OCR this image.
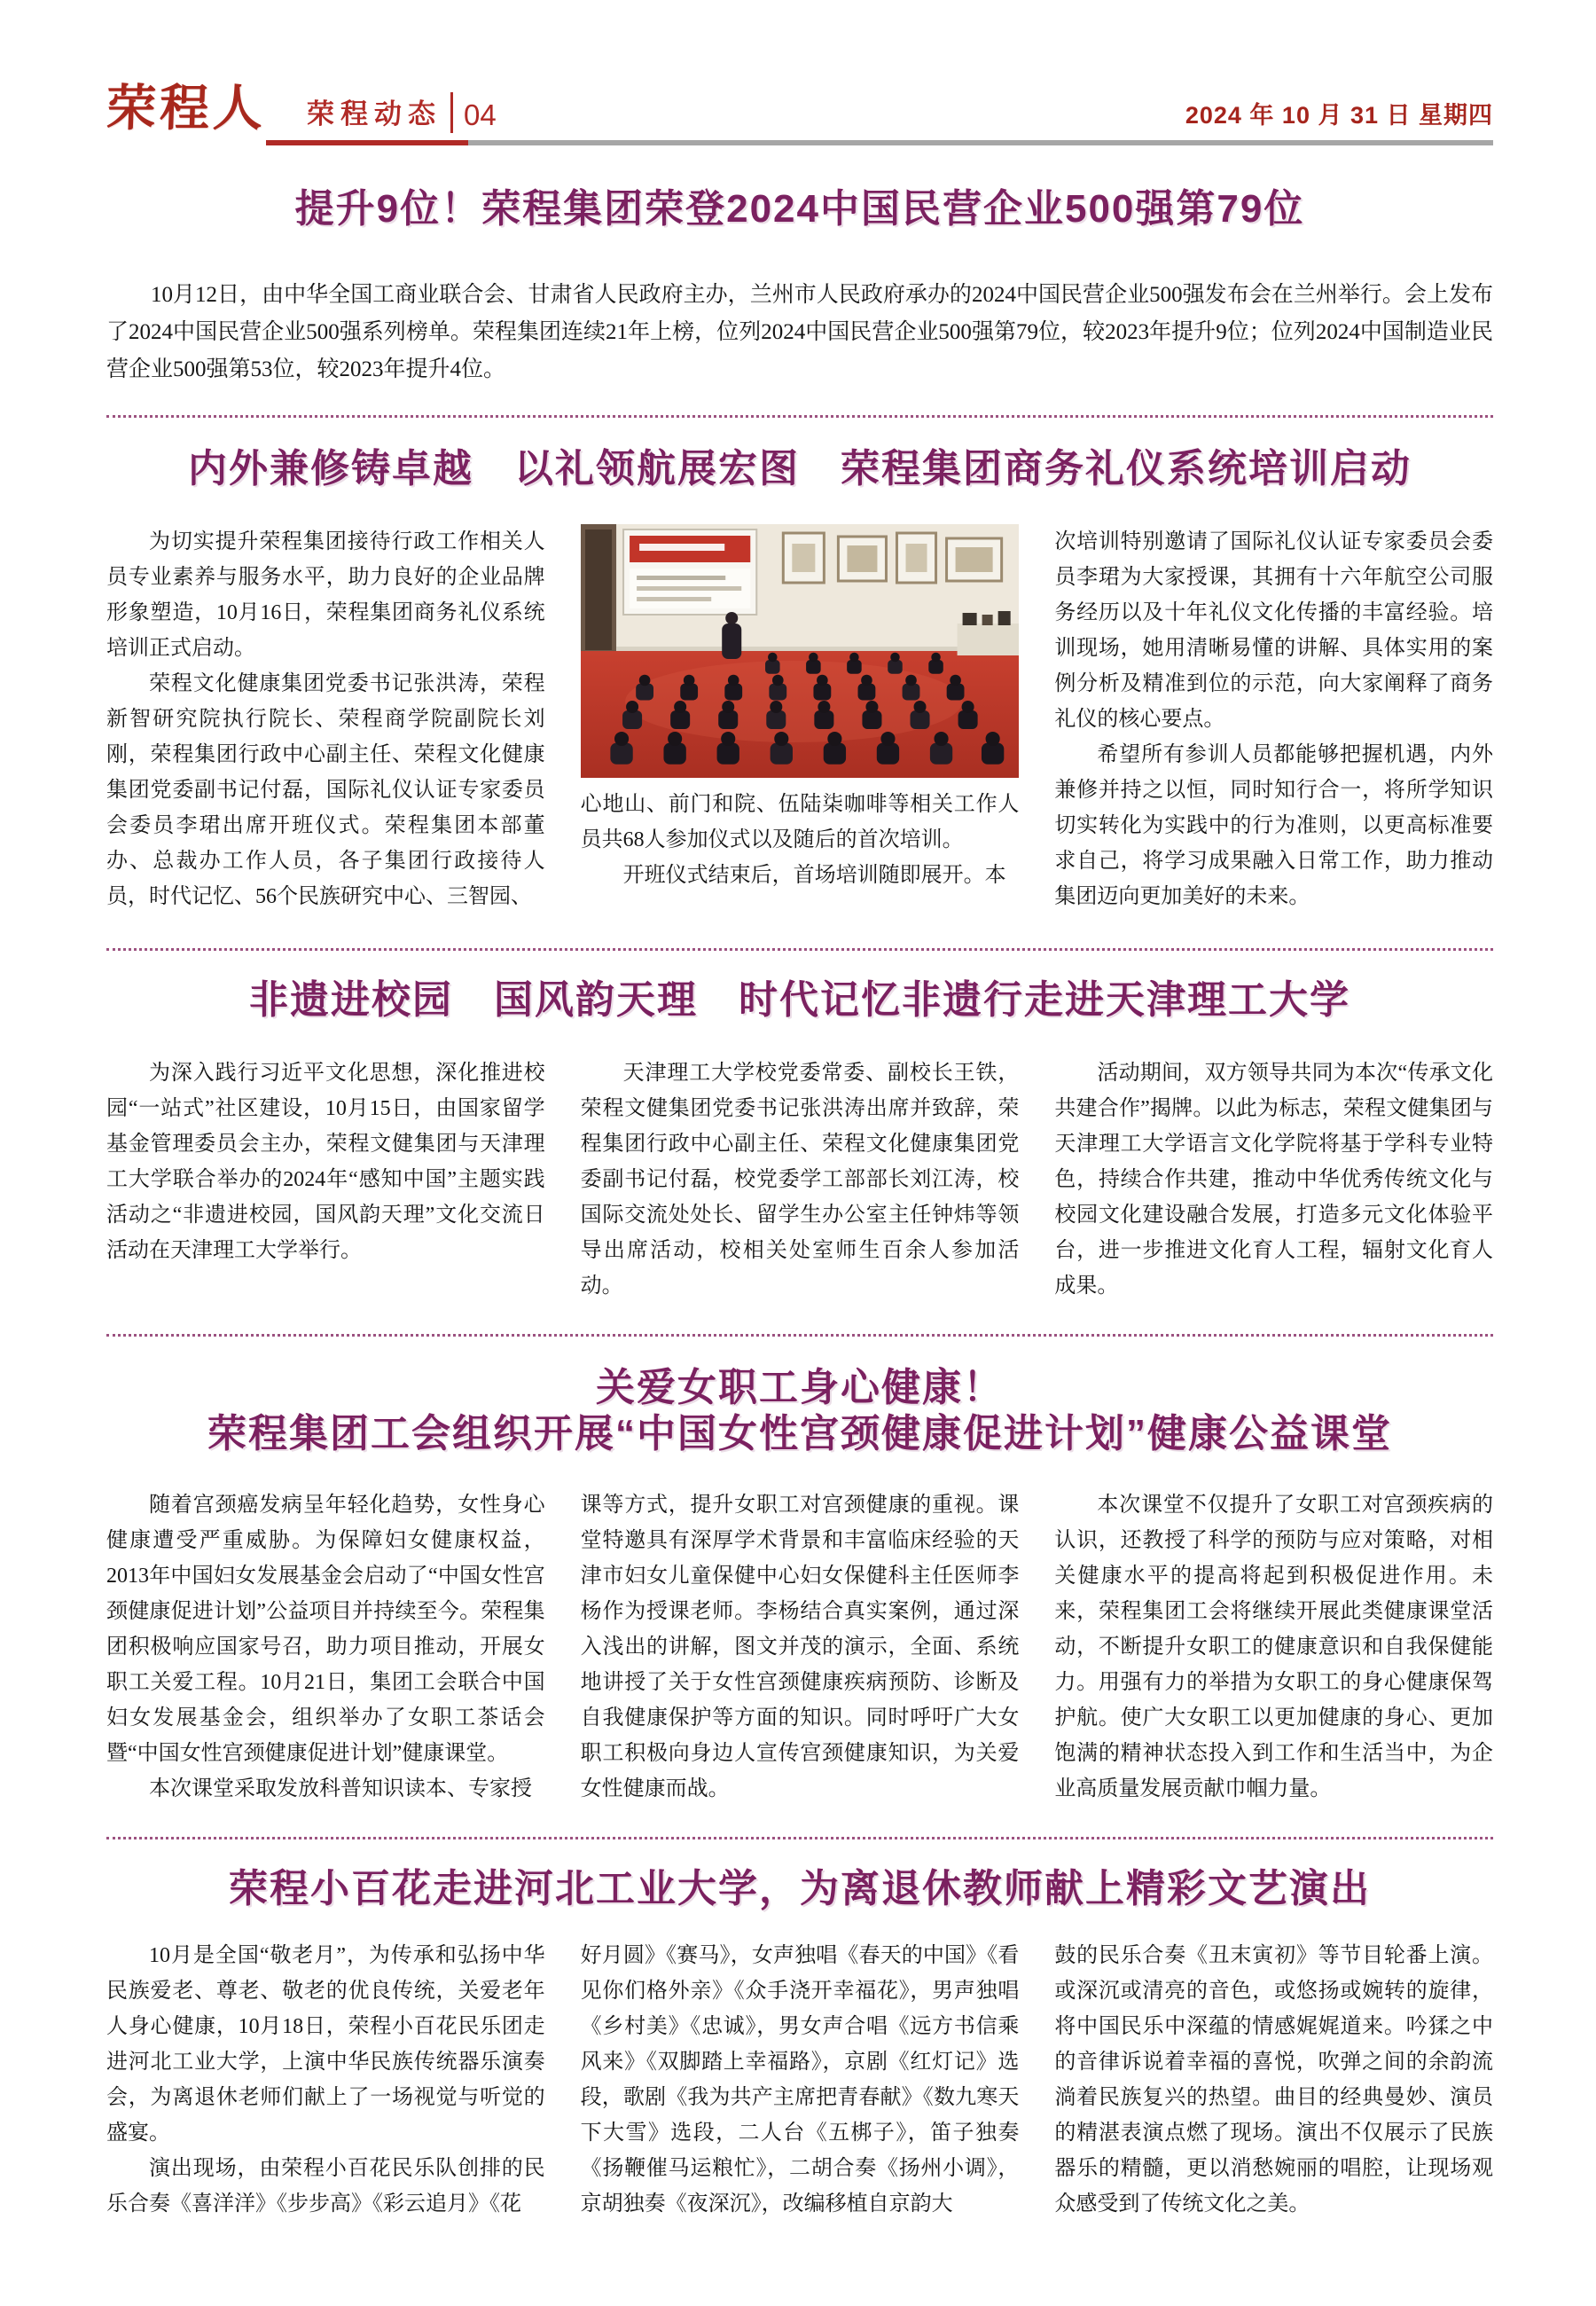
荣程人 荣程动态 04	2024 年 10 月 31 日 星期四
提升9位！荣程集团荣登2024中国民营企业500强第79位

10月12日，由中华全国工商业联合会、甘肃省人民政府主办，兰州市人民政府承办的2024中国民营企业500强发布会在兰州举行。会上发布了2024中国民营企业500强系列榜单。荣程集团连续21年上榜，位列2024中国民营企业500强第79位，较2023年提升9位；位列2024中国制造业民营企业500强第53位，较2023年提升4位。

内外兼修铸卓越　以礼领航展宏图　荣程集团商务礼仪系统培训启动

为切实提升荣程集团接待行政工作相关人员专业素养与服务水平，助力良好的企业品牌形象塑造，10月16日，荣程集团商务礼仪系统培训正式启动。

荣程文化健康集团党委书记张洪涛，荣程新智研究院执行院长、荣程商学院副院长刘刚，荣程集团行政中心副主任、荣程文化健康集团党委副书记付磊，国际礼仪认证专家委员会委员李珺出席开班仪式。荣程集团本部董办、总裁办工作人员，各子集团行政接待人员，时代记忆、56个民族研究中心、三智园、

心地山、前门和院、伍陆柒咖啡等相关工作人员共68人参加仪式以及随后的首次培训。

开班仪式结束后，首场培训随即展开。本

次培训特别邀请了国际礼仪认证专家委员会委员李珺为大家授课，其拥有十六年航空公司服务经历以及十年礼仪文化传播的丰富经验。培训现场，她用清晰易懂的讲解、具体实用的案例分析及精准到位的示范，向大家阐释了商务礼仪的核心要点。

希望所有参训人员都能够把握机遇，内外兼修并持之以恒，同时知行合一，将所学知识切实转化为实践中的行为准则，以更高标准要求自己，将学习成果融入日常工作，助力推动集团迈向更加美好的未来。

非遗进校园　国风韵天理　时代记忆非遗行走进天津理工大学

为深入践行习近平文化思想，深化推进校园“一站式”社区建设，10月15日，由国家留学基金管理委员会主办，荣程文健集团与天津理工大学联合举办的2024年“感知中国”主题实践活动之“非遗进校园，国风韵天理”文化交流日活动在天津理工大学举行。

天津理工大学校党委常委、副校长王铁，荣程文健集团党委书记张洪涛出席并致辞，荣程集团行政中心副主任、荣程文化健康集团党委副书记付磊，校党委学工部部长刘江涛，校国际交流处处长、留学生办公室主任钟炜等领导出席活动，校相关处室师生百余人参加活动。

活动期间，双方领导共同为本次“传承文化 共建合作”揭牌。以此为标志，荣程文健集团与天津理工大学语言文化学院将基于学科专业特色，持续合作共建，推动中华优秀传统文化与校园文化建设融合发展，打造多元文化体验平台，进一步推进文化育人工程，辐射文化育人成果。

关爱女职工身心健康！
荣程集团工会组织开展“中国女性宫颈健康促进计划”健康公益课堂

随着宫颈癌发病呈年轻化趋势，女性身心健康遭受严重威胁。为保障妇女健康权益，2013年中国妇女发展基金会启动了“中国女性宫颈健康促进计划”公益项目并持续至今。荣程集团积极响应国家号召，助力项目推动，开展女职工关爱工程。10月21日，集团工会联合中国妇女发展基金会，组织举办了女职工茶话会暨“中国女性宫颈健康促进计划”健康课堂。

本次课堂采取发放科普知识读本、专家授

课等方式，提升女职工对宫颈健康的重视。课堂特邀具有深厚学术背景和丰富临床经验的天津市妇女儿童保健中心妇女保健科主任医师李杨作为授课老师。李杨结合真实案例，通过深入浅出的讲解，图文并茂的演示，全面、系统地讲授了关于女性宫颈健康疾病预防、诊断及自我健康保护等方面的知识。同时呼吁广大女职工积极向身边人宣传宫颈健康知识，为关爱女性健康而战。

本次课堂不仅提升了女职工对宫颈疾病的认识，还教授了科学的预防与应对策略，对相关健康水平的提高将起到积极促进作用。未来，荣程集团工会将继续开展此类健康课堂活动，不断提升女职工的健康意识和自我保健能力。用强有力的举措为女职工的身心健康保驾护航。使广大女职工以更加健康的身心、更加饱满的精神状态投入到工作和生活当中，为企业高质量发展贡献巾帼力量。

荣程小百花走进河北工业大学，为离退休教师献上精彩文艺演出

10月是全国“敬老月”，为传承和弘扬中华民族爱老、尊老、敬老的优良传统，关爱老年人身心健康，10月18日，荣程小百花民乐团走进河北工业大学，上演中华民族传统器乐演奏会，为离退休老师们献上了一场视觉与听觉的盛宴。

演出现场，由荣程小百花民乐队创排的民乐合奏《喜洋洋》《步步高》《彩云追月》《花

好月圆》《赛马》，女声独唱《春天的中国》《看见你们格外亲》《众手浇开幸福花》，男声独唱《乡村美》《忠诚》，男女声合唱《远方书信乘风来》《双脚踏上幸福路》，京剧《红灯记》选段，歌剧《我为共产主席把青春献》《数九寒天下大雪》选段，二人台《五梆子》，笛子独奏《扬鞭催马运粮忙》，二胡合奏《扬州小调》，京胡独奏《夜深沉》，改编移植自京韵大

鼓的民乐合奏《丑末寅初》等节目轮番上演。或深沉或清亮的音色，或悠扬或婉转的旋律，将中国民乐中深蕴的情感娓娓道来。吟猱之中的音律诉说着幸福的喜悦，吹弹之间的余韵流淌着民族复兴的热望。曲目的经典曼妙、演员的精湛表演点燃了现场。演出不仅展示了民族器乐的精髓，更以消愁婉丽的唱腔，让现场观众感受到了传统文化之美。
